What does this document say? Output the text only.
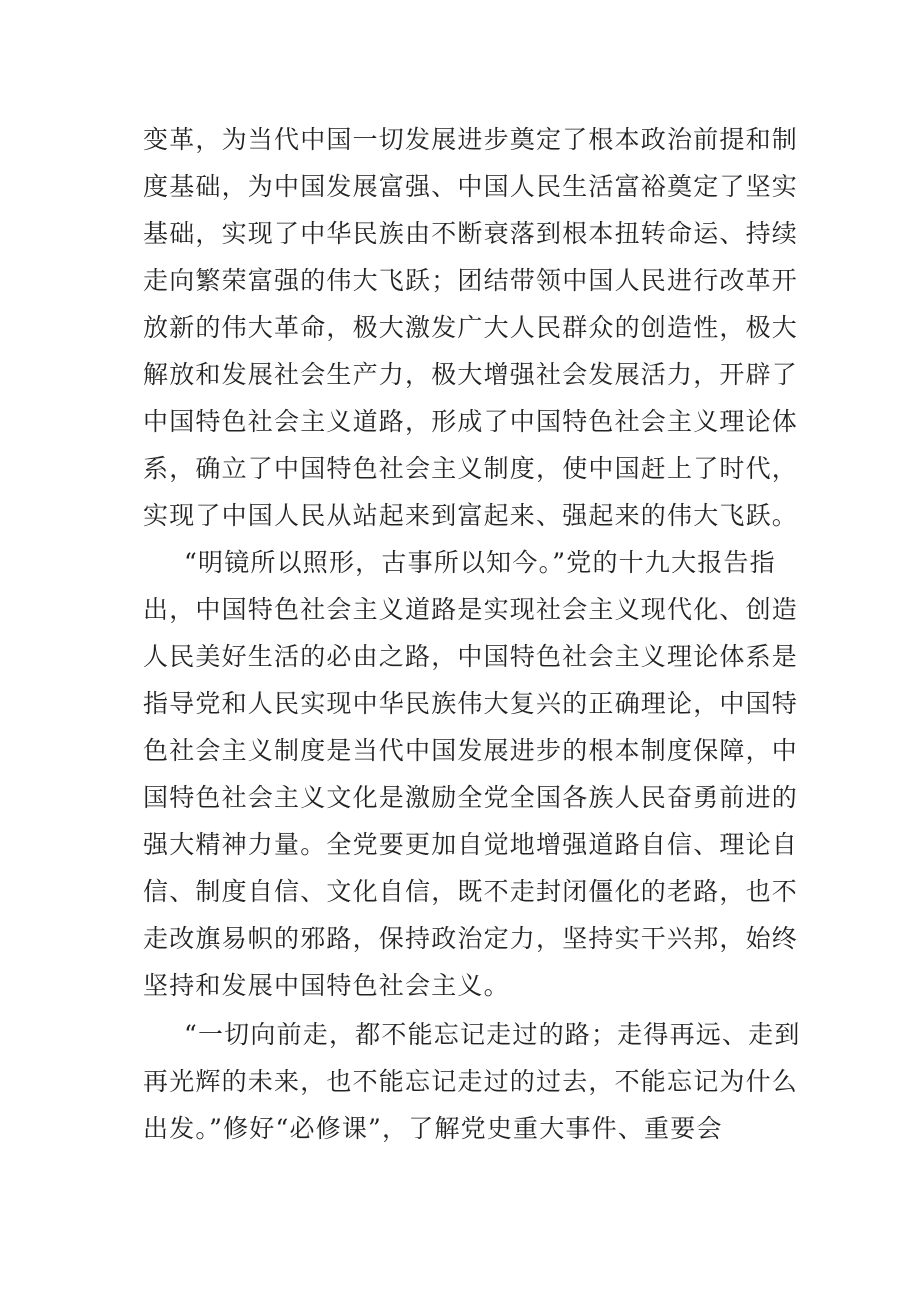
变革，为当代中国一切发展进步奠定了根本政治前提和制
度基础，为中国发展富强、中国人民生活富裕奠定了坚实
基础，实现了中华民族由不断衰落到根本扭转命运、持续
走向繁荣富强的伟大飞跃；团结带领中国人民进行改革开
放新的伟大革命，极大激发广大人民群众的创造性，极大
解放和发展社会生产力，极大增强社会发展活力，开辟了
中国特色社会主义道路，形成了中国特色社会主义理论体
系，确立了中国特色社会主义制度，使中国赶上了时代，
实现了中国人民从站起来到富起来、强起来的伟大飞跃。
“明镜所以照形，古事所以知今。”党的十九大报告指
出，中国特色社会主义道路是实现社会主义现代化、创造
人民美好生活的必由之路，中国特色社会主义理论体系是
指导党和人民实现中华民族伟大复兴的正确理论，中国特
色社会主义制度是当代中国发展进步的根本制度保障，中
国特色社会主义文化是激励全党全国各族人民奋勇前进的
强大精神力量。全党要更加自觉地增强道路自信、理论自
信、制度自信、文化自信，既不走封闭僵化的老路，也不
走改旗易帜的邪路，保持政治定力，坚持实干兴邦，始终
坚持和发展中国特色社会主义。
“一切向前走，都不能忘记走过的路；走得再远、走到
再光辉的未来，也不能忘记走过的过去，不能忘记为什么
出发。”修好“必修课”，了解党史重大事件、重要会
